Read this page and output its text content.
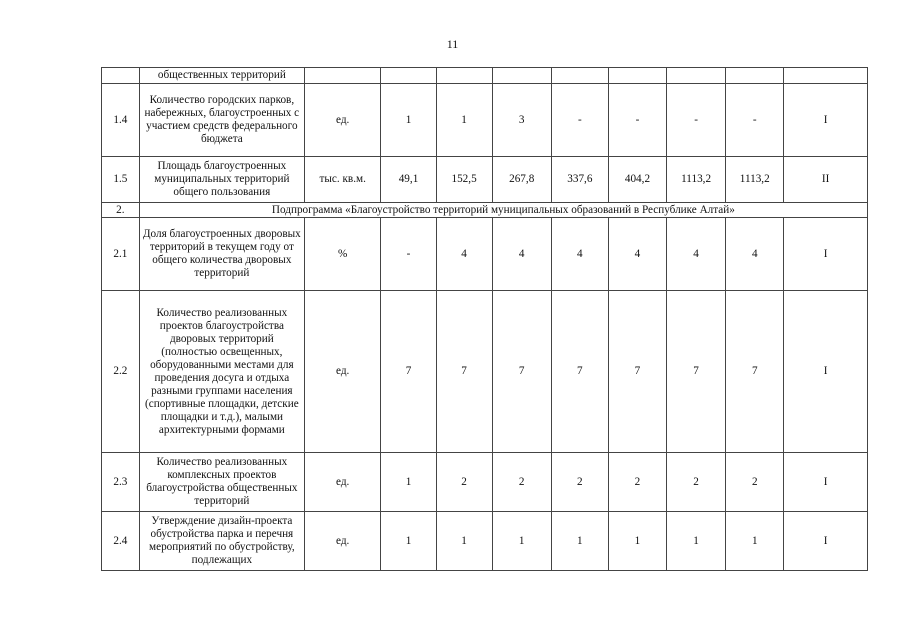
11
	общественных территорий									
1.4	Количество городских парков, набережных, благоустроенных с участием средств федерального бюджета	ед.	1	1	3	-	-	-	-	I
1.5	Площадь благоустроенных муниципальных территорий общего пользования	тыс. кв.м.	49,1	152,5	267,8	337,6	404,2	1113,2	1113,2	II
2.	Подпрограмма «Благоустройство территорий муниципальных образований в Республике Алтай»									
2.1	Доля благоустроенных дворовых территорий в текущем году от общего количества дворовых территорий	%	-	4	4	4	4	4	4	I
2.2	Количество реализованных проектов благоустройства дворовых территорий (полностью освещенных, оборудованными местами для проведения досуга и отдыха разными группами населения (спортивные площадки, детские площадки и т.д.), малыми архитектурными формами	ед.	7	7	7	7	7	7	7	I
2.3	Количество реализованных комплексных проектов благоустройства общественных территорий	ед.	1	2	2	2	2	2	2	I
2.4	Утверждение дизайн-проекта обустройства парка и перечня мероприятий по обустройству, подлежащих	ед.	1	1	1	1	1	1	1	I
